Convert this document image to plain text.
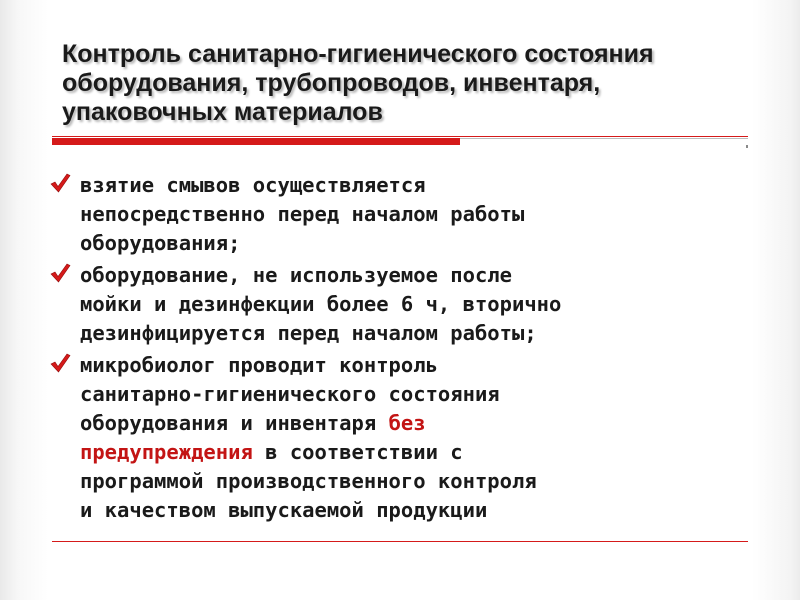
Контроль санитарно-гигиенического состояния
оборудования, трубопроводов, инвентаря,
упаковочных материалов
взятие смывов осуществляется
непосредственно перед началом работы
оборудования;
оборудование, не используемое после
мойки и дезинфекции более 6 ч, вторично
дезинфицируется перед началом работы;
микробиолог проводит контроль
санитарно-гигиенического состояния
оборудования и инвентаря без
предупреждения в соответствии с
программой производственного контроля
и качеством выпускаемой продукции
